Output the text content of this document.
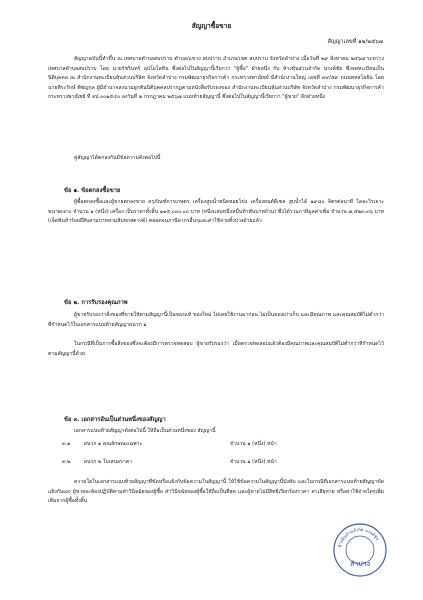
สัญญาซื้อขาย
สัญญาเลขที่ ๑๒/๒๕๖๗
สัญญาฉบับนี้ทำขึ้น ณ เทศบาลตำบลสบปราบ ตำบล/แขวง สบปราบ อำเภอ/เขต สบปราบ จังหวัดลำปาง เมื่อวันที่ ๒๙ สิงหาคม ๒๕๖๗ ระหว่าง เทศบาลตำบลสบปราบ โดย นายรัชรินทร์ อุปโยโลทิน ซึ่งต่อไปในสัญญานี้เรียกว่า "ผู้ซื้อ" ฝ่ายหนึ่ง กับ ห้างหุ้นส่วนจำกัด นรงค์ชัย ซึ่งจดทะเบียนเป็นนิติบุคคล ณ สำนักงานทะเบียนหุ้นส่วนบริษัท จังหวัดลำปาง กรมพัฒนาธุรกิจการค้า กระทรวงพาณิชย์ มีสำนักงานใหญ่ เลขที่ ๓๙/๕๙ ถนนพหลโยธิน โดยนายพีระรักษ์ พิชญกุล ผู้มีอำนาจลงนามผูกพันนิติบุคคลปรากฏตามหนังสือรับรองของ สำนักงานทะเบียนหุ้นส่วนบริษัท จังหวัดลำปาง กรมพัฒนาธุรกิจการค้า กระทรวงพาณิชย์ ที่ ลป.๐๐๑๕๔๐ ลงวันที่ ๒ กรกฎาคม ๒๕๖๗ แนบท้ายสัญญานี้ ซึ่งต่อไปในสัญญานี้เรียกว่า "ผู้ขาย" อีกฝ่ายหนึ่ง
คู่สัญญาได้ตกลงกันมีข้อความดังต่อไปนี้
ข้อ ๑. ข้อตกลงซื้อขาย
ผู้ซื้อตกลงซื้อและผู้ขายตกลงขาย ครุภัณฑ์การเกษตร เครื่องสูบน้ำชนิดหอยโข่ง เครื่องยนต์ดีเซล สูบน้ำได้ ๑๙๘๐ ลิตรต่อนาที ไดอะวิรเจาะขนาดเจาะ จำนวน ๑ (หนึ่ง) เครื่อง เป็นราคาทั้งสิ้น ๑๑๕,๐๐๐.๐๐ บาท (หนึ่งแสนหนึ่งหมื่นห้าพันบาทถ้วน) ซึ่งได้รวมภาษีมูลค่าเพิ่ม จำนวน ๗,๕๒๓.๓๖ บาท (เจ็ดพันห้าร้อยยี่สิบสามบาทสามสิบหกสตางค์) ตลอดจนภาษีอากรอื่นๆและค่าใช้จ่ายทั้งปวงด้วยแล้ว
ข้อ ๒. การรับรองคุณภาพ
ผู้ขายรับรองว่าสิ่งของที่ขายให้ตามสัญญานี้เป็นของแท้ ของใหม่ ไม่เคยใช้งานมาก่อน ไม่เป็นของเก่าเก็บ และมีคุณภาพ และคุณสมบัติไม่ต่ำกว่าที่กำหนดไว้ในเอกสารแนบท้ายสัญญาผนวก ๑
ในกรณีที่เป็นการซื้อสิ่งของซึ่งจะต้องมีการตรวจทดสอบ ผู้ขายรับรองว่า เมื่อตรวจทดสอบแล้วต้องมีคุณภาพและคุณสมบัติไม่ต่ำกว่าที่กำหนดไว้ตามสัญญานี้ด้วย
ข้อ ๓. เอกสารอันเป็นส่วนหนึ่งของสัญญา
เอกสารแนบท้ายสัญญาดังต่อไปนี้ ให้ถือเป็นส่วนหนึ่งของ สัญญานี้
๓.๑	ผนวก ๑ คุณลักษณะเฉพาะ	จำนวน ๑ (หนึ่ง) หน้า
๓.๒	ผนวก ๒ ใบเสนอราคา	จำนวน ๑ (หนึ่ง) หน้า
ความใดในเอกสารแนบท้ายสัญญาที่ขัดหรือแย้งกับข้อความในสัญญานี้ ให้ใช้ข้อความในสัญญานี้บังคับ และในกรณีที่เอกสารแนบท้ายสัญญาขัดแย้งกันเอง ผู้ขายจะต้องปฏิบัติตามคำวินิจฉัยของผู้ซื้อ คำวินิจฉัยของผู้ซื้อให้ถือเป็นที่สุด และผู้ขายไม่มีสิทธิเรียกร้องราคา ค่าเสียหาย หรือค่าใช้จ่ายใดๆเพิ่มเติมจากผู้ซื้อทั้งสิ้น
ห้างหุ้นส่วนจำกัด นรงค์ชัย
ลำปาง
